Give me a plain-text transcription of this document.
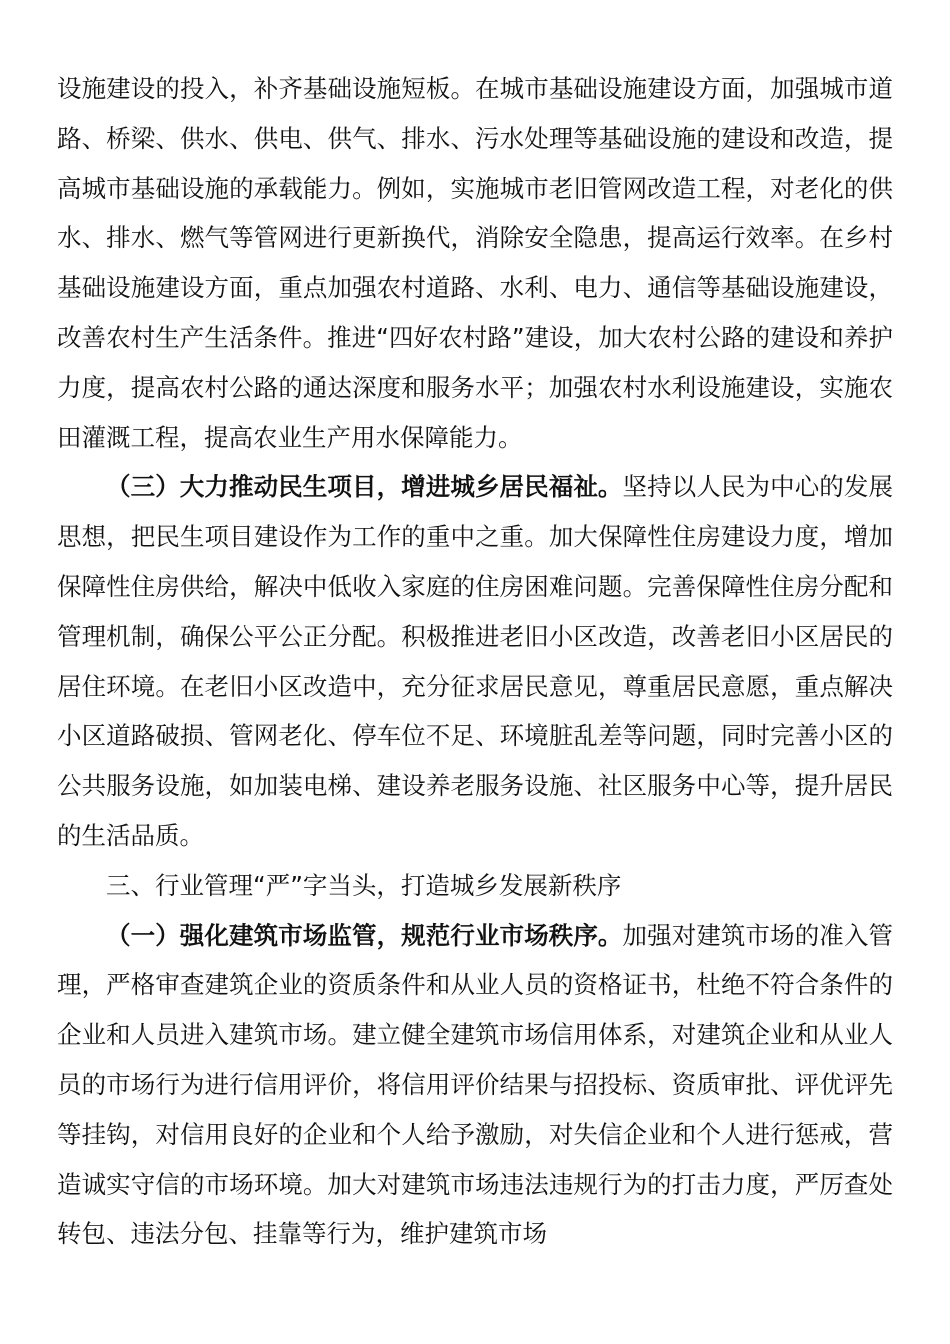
设施建设的投入，补齐基础设施短板。在城市基础设施建设方面，加强城市道路、桥梁、供水、供电、供气、排水、污水处理等基础设施的建设和改造，提高城市基础设施的承载能力。例如，实施城市老旧管网改造工程，对老化的供水、排水、燃气等管网进行更新换代，消除安全隐患，提高运行效率。在乡村基础设施建设方面，重点加强农村道路、水利、电力、通信等基础设施建设，改善农村生产生活条件。推进“四好农村路”建设，加大农村公路的建设和养护力度，提高农村公路的通达深度和服务水平；加强农村水利设施建设，实施农田灌溉工程，提高农业生产用水保障能力。

（三）大力推动民生项目，增进城乡居民福祉。坚持以人民为中心的发展思想，把民生项目建设作为工作的重中之重。加大保障性住房建设力度，增加保障性住房供给，解决中低收入家庭的住房困难问题。完善保障性住房分配和管理机制，确保公平公正分配。积极推进老旧小区改造，改善老旧小区居民的居住环境。在老旧小区改造中，充分征求居民意见，尊重居民意愿，重点解决小区道路破损、管网老化、停车位不足、环境脏乱差等问题，同时完善小区的公共服务设施，如加装电梯、建设养老服务设施、社区服务中心等，提升居民的生活品质。

三、行业管理“严”字当头，打造城乡发展新秩序

（一）强化建筑市场监管，规范行业市场秩序。加强对建筑市场的准入管理，严格审查建筑企业的资质条件和从业人员的资格证书，杜绝不符合条件的企业和人员进入建筑市场。建立健全建筑市场信用体系，对建筑企业和从业人员的市场行为进行信用评价，将信用评价结果与招投标、资质审批、评优评先等挂钩，对信用良好的企业和个人给予激励，对失信企业和个人进行惩戒，营造诚实守信的市场环境。加大对建筑市场违法违规行为的打击力度，严厉查处转包、违法分包、挂靠等行为，维护建筑市场
